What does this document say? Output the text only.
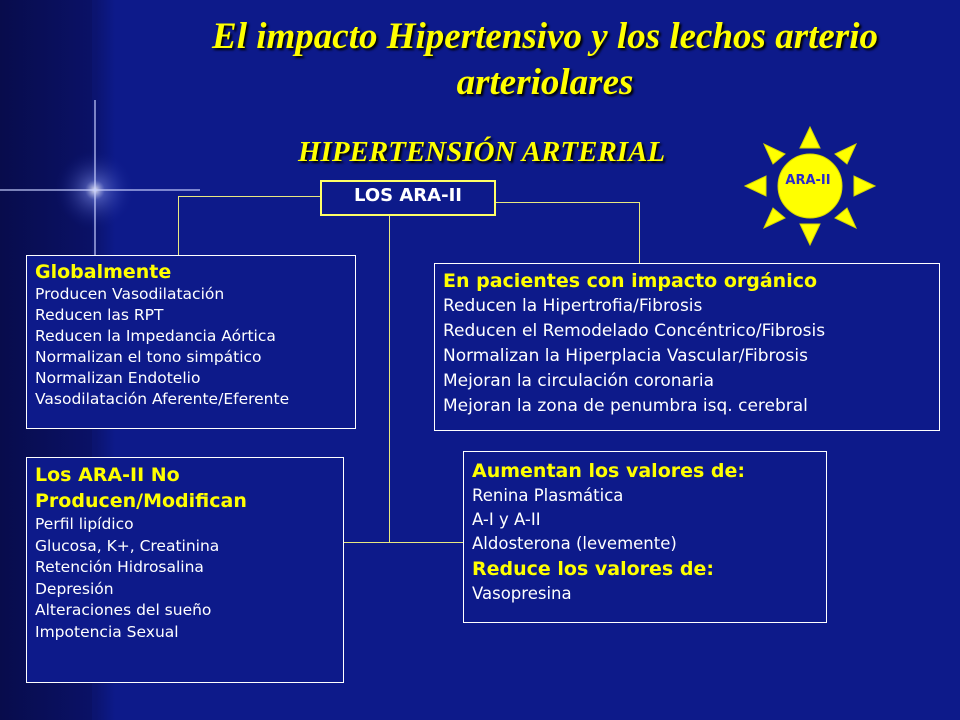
El impacto Hipertensivo y los lechos arterio arteriolares
HIPERTENSIÓN ARTERIAL
LOS ARA-II
Globalmente
Producen Vasodilatación
Reducen las RPT
Reducen la Impedancia Aórtica
Normalizan el tono simpático
Normalizan Endotelio
Vasodilatación Aferente/Eferente
En pacientes con impacto orgánico
Reducen la Hipertrofia/Fibrosis
Reducen el Remodelado Concéntrico/Fibrosis
Normalizan la Hiperplacia Vascular/Fibrosis
Mejoran la circulación coronaria
Mejoran la zona de penumbra isq. cerebral
Los ARA-II No
Producen/Modifican
Perfil lipídico
Glucosa, K+, Creatinina
Retención Hidrosalina
Depresión
Alteraciones del sueño
Impotencia Sexual
Aumentan los valores de:
Renina Plasmática
A-I y A-II
Aldosterona (levemente)
Reduce los valores de:
Vasopresina
ARA-II
